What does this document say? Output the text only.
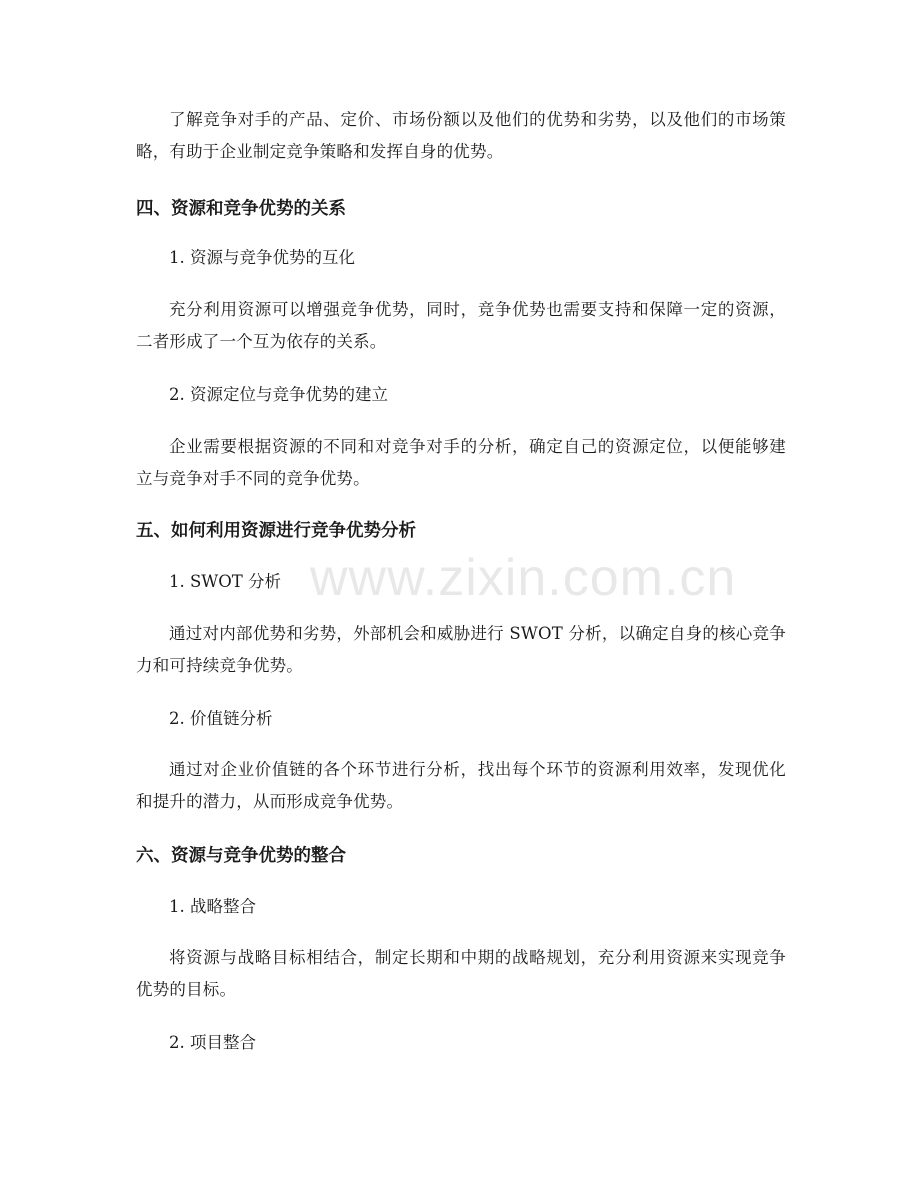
了解竞争对手的产品、定价、市场份额以及他们的优势和劣势，以及他们的市场策略，有助于企业制定竞争策略和发挥自身的优势。

四、资源和竞争优势的关系
1. 资源与竞争优势的互化

充分利用资源可以增强竞争优势，同时，竞争优势也需要支持和保障一定的资源，二者形成了一个互为依存的关系。

2. 资源定位与竞争优势的建立

企业需要根据资源的不同和对竞争对手的分析，确定自己的资源定位，以便能够建立与竞争对手不同的竞争优势。

五、如何利用资源进行竞争优势分析
1. SWOT 分析

通过对内部优势和劣势，外部机会和威胁进行 SWOT 分析，以确定自身的核心竞争力和可持续竞争优势。

2. 价值链分析

通过对企业价值链的各个环节进行分析，找出每个环节的资源利用效率，发现优化和提升的潜力，从而形成竞争优势。

六、资源与竞争优势的整合
1. 战略整合

将资源与战略目标相结合，制定长期和中期的战略规划，充分利用资源来实现竞争优势的目标。

2. 项目整合
www.zixin.com.cn
